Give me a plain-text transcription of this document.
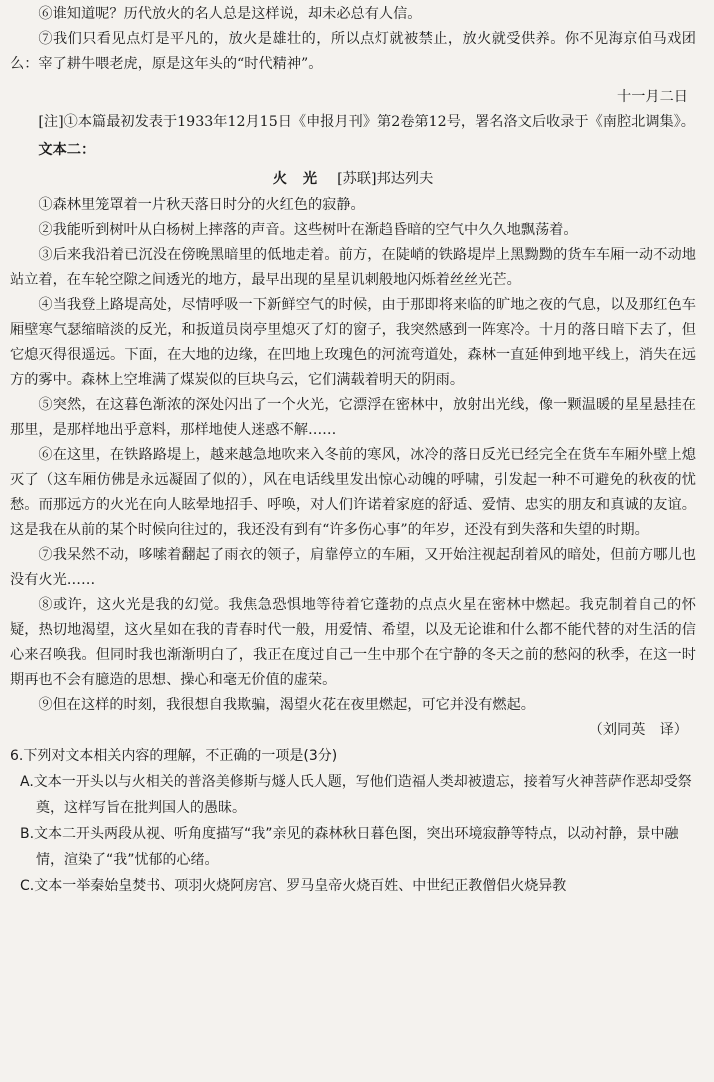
⑥谁知道呢？历代放火的名人总是这样说，却未必总有人信。

⑦我们只看见点灯是平凡的，放火是雄壮的，所以点灯就被禁止，放火就受供养。你不见海京伯马戏团么：宰了耕牛喂老虎，原是这年头的“时代精神”。

十一月二日

[注]①本篇最初发表于1933年12月15日《申报月刊》第2卷第12号，署名洛文后收录于《南腔北调集》。

文本二：

火光 [苏联]邦达列夫

①森林里笼罩着一片秋天落日时分的火红色的寂静。

②我能听到树叶从白杨树上摔落的声音。这些树叶在渐趋昏暗的空气中久久地飘荡着。

③后来我沿着已沉没在傍晚黑暗里的低地走着。前方，在陡峭的铁路堤岸上黑黝黝的货车车厢一动不动地站立着，在车轮空隙之间透光的地方，最早出现的星星讥刺般地闪烁着丝丝光芒。

④当我登上路堤高处，尽情呼吸一下新鲜空气的时候，由于那即将来临的旷地之夜的气息，以及那红色车厢壁寒气瑟缩暗淡的反光，和扳道员岗亭里熄灭了灯的窗子，我突然感到一阵寒冷。十月的落日暗下去了，但它熄灭得很遥远。下面，在大地的边缘，在凹地上玫瑰色的河流弯道处，森林一直延伸到地平线上，消失在远方的雾中。森林上空堆满了煤炭似的巨块乌云，它们满载着明天的阴雨。

⑤突然，在这暮色渐浓的深处闪出了一个火光，它漂浮在密林中，放射出光线，像一颗温暖的星星悬挂在那里，是那样地出乎意料，那样地使人迷惑不解……

⑥在这里，在铁路路堤上，越来越急地吹来入冬前的寒风，冰冷的落日反光已经完全在货车车厢外壁上熄灭了（这车厢仿佛是永远凝固了似的），风在电话线里发出惊心动魄的呼啸，引发起一种不可避免的秋夜的忧愁。而那远方的火光在向人眩晕地招手、呼唤，对人们许诺着家庭的舒适、爱情、忠实的朋友和真诚的友谊。这是我在从前的某个时候向往过的，我还没有到有“许多伤心事”的年岁，还没有到失落和失望的时期。

⑦我呆然不动，哆嗦着翻起了雨衣的领子，肩靠停立的车厢，又开始注视起刮着风的暗处，但前方哪儿也没有火光……

⑧或许，这火光是我的幻觉。我焦急恐惧地等待着它蓬勃的点点火星在密林中燃起。我克制着自己的怀疑，热切地渴望，这火星如在我的青春时代一般，用爱情、希望，以及无论谁和什么都不能代替的对生活的信心来召唤我。但同时我也渐渐明白了，我正在度过自己一生中那个在宁静的冬天之前的愁闷的秋季，在这一时期再也不会有臆造的思想、操心和毫无价值的虚荣。

⑨但在这样的时刻，我很想自我欺骗，渴望火花在夜里燃起，可它并没有燃起。

（刘同英　译）

6.下列对文本相关内容的理解，不正确的一项是(3分)

A.文本一开头以与火相关的普洛美修斯与燧人氏人题，写他们造福人类却被遗忘，接着写火神菩萨作恶却受祭奠，这样写旨在批判国人的愚昧。

B.文本二开头两段从视、听角度描写“我”亲见的森林秋日暮色图，突出环境寂静等特点，以动衬静，景中融情，渲染了“我”忧郁的心绪。

C.文本一举秦始皇焚书、项羽火烧阿房宫、罗马皇帝火烧百姓、中世纪正教僧侣火烧异教
